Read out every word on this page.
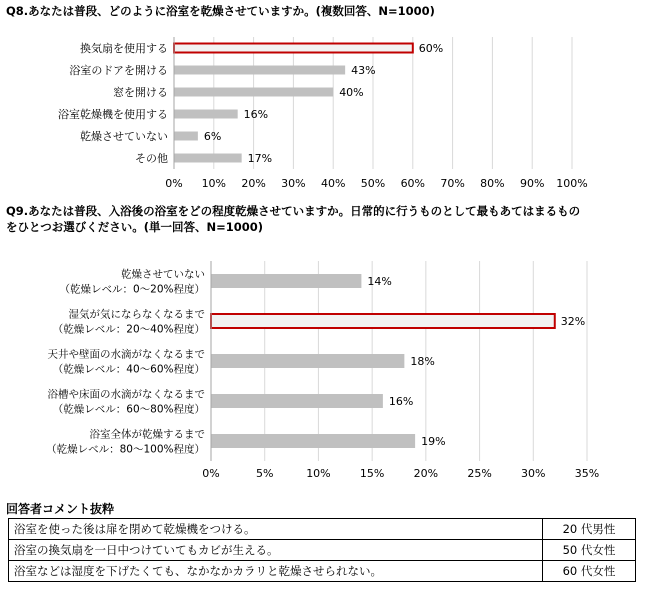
Q8.あなたは普段、どのように浴室を乾燥させていますか。(複数回答、N=1000)
0% 10% 20% 30% 40% 50% 60% 70% 80% 90% 100%
60%
換気扇を使用する
43%
浴室のドアを開ける
40%
窓を開ける
16%
浴室乾燥機を使用する
6%
乾燥させていない
17%
その他
Q9.あなたは普段、入浴後の浴室をどの程度乾燥させていますか。日常的に行うものとして最もあてはまるもの
をひとつお選びください。(単一回答、N=1000)
0%	5%	10%	15%	20%	25%	30%	35%
14%
乾燥させていない
（乾燥レベル：0～20%程度）
32%
湿気が気にならなくなるまで
（乾燥レベル：20～40%程度）
18%
天井や壁面の水滴がなくなるまで
（乾燥レベル：40～60%程度）
16%
浴槽や床面の水滴がなくなるまで
（乾燥レベル：60～80%程度）
19%
浴室全体が乾燥するまで
（乾燥レベル：80～100%程度）
回答者コメント抜粋
浴室を使った後は扉を閉めて乾燥機をつける。	20 代男性
浴室の換気扇を一日中つけていてもカビが生える。	50 代女性
浴室などは湿度を下げたくても、なかなかカラリと乾燥させられない。	60 代女性
